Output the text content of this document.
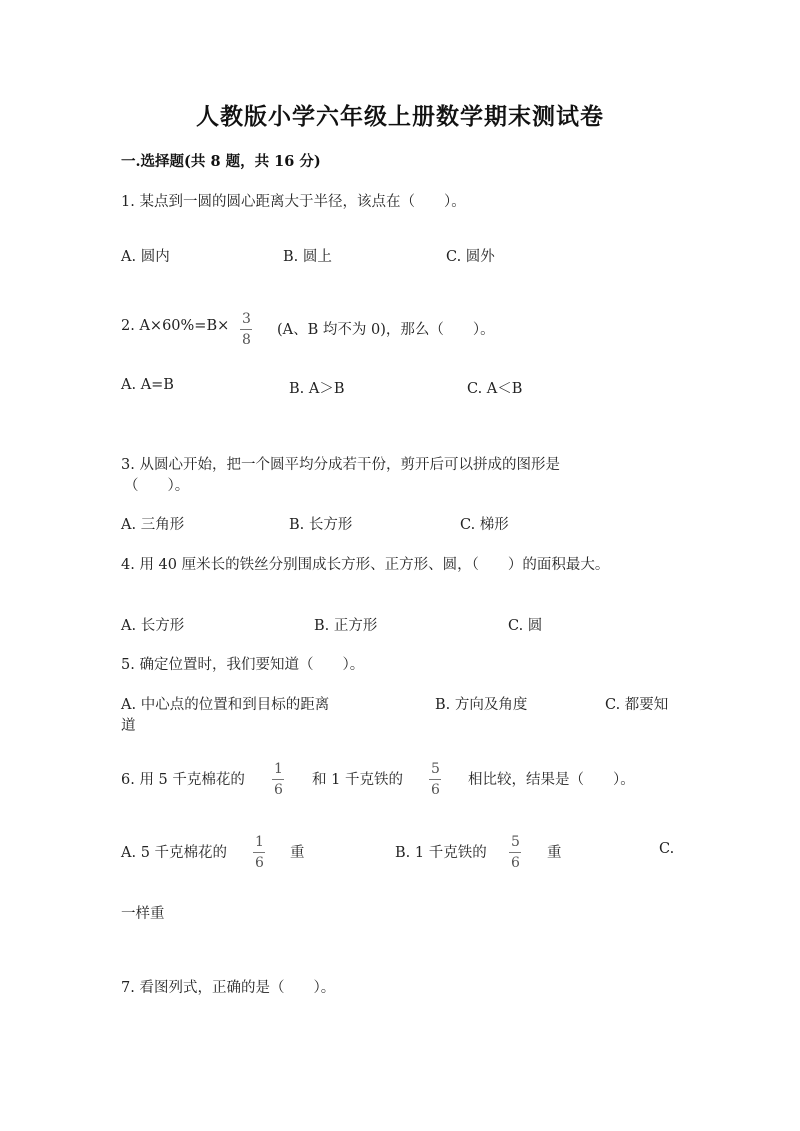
人教版小学六年级上册数学期末测试卷
一.选择题(共 8 题，共 16 分)
1. 某点到一圆的圆心距离大于半径，该点在（　　）。
A. 圆内	B. 圆上	C. 圆外
2. A×60%=B× 3
8
(A、B 均不为 0)，那么（　　）。
A. A=B	B. A＞B	C. A＜B
3. 从圆心开始，把一个圆平均分成若干份，剪开后可以拼成的图形是
（　　）。
A. 三角形	B. 长方形	C. 梯形
4. 用 40 厘米长的铁丝分别围成长方形、正方形、圆，（　　）的面积最大。
A. 长方形	B. 正方形	C. 圆
5. 确定位置时，我们要知道（　　）。
A. 中心点的位置和到目标的距离	B. 方向及角度	C. 都要知
道
6. 用 5 千克棉花的
1
6
和 1 千克铁的
5
6
相比较，结果是（　　）。
A. 5 千克棉花的
1
6
重	B. 1 千克铁的
5
6
重	C.
一样重
7. 看图列式，正确的是（　　）。
